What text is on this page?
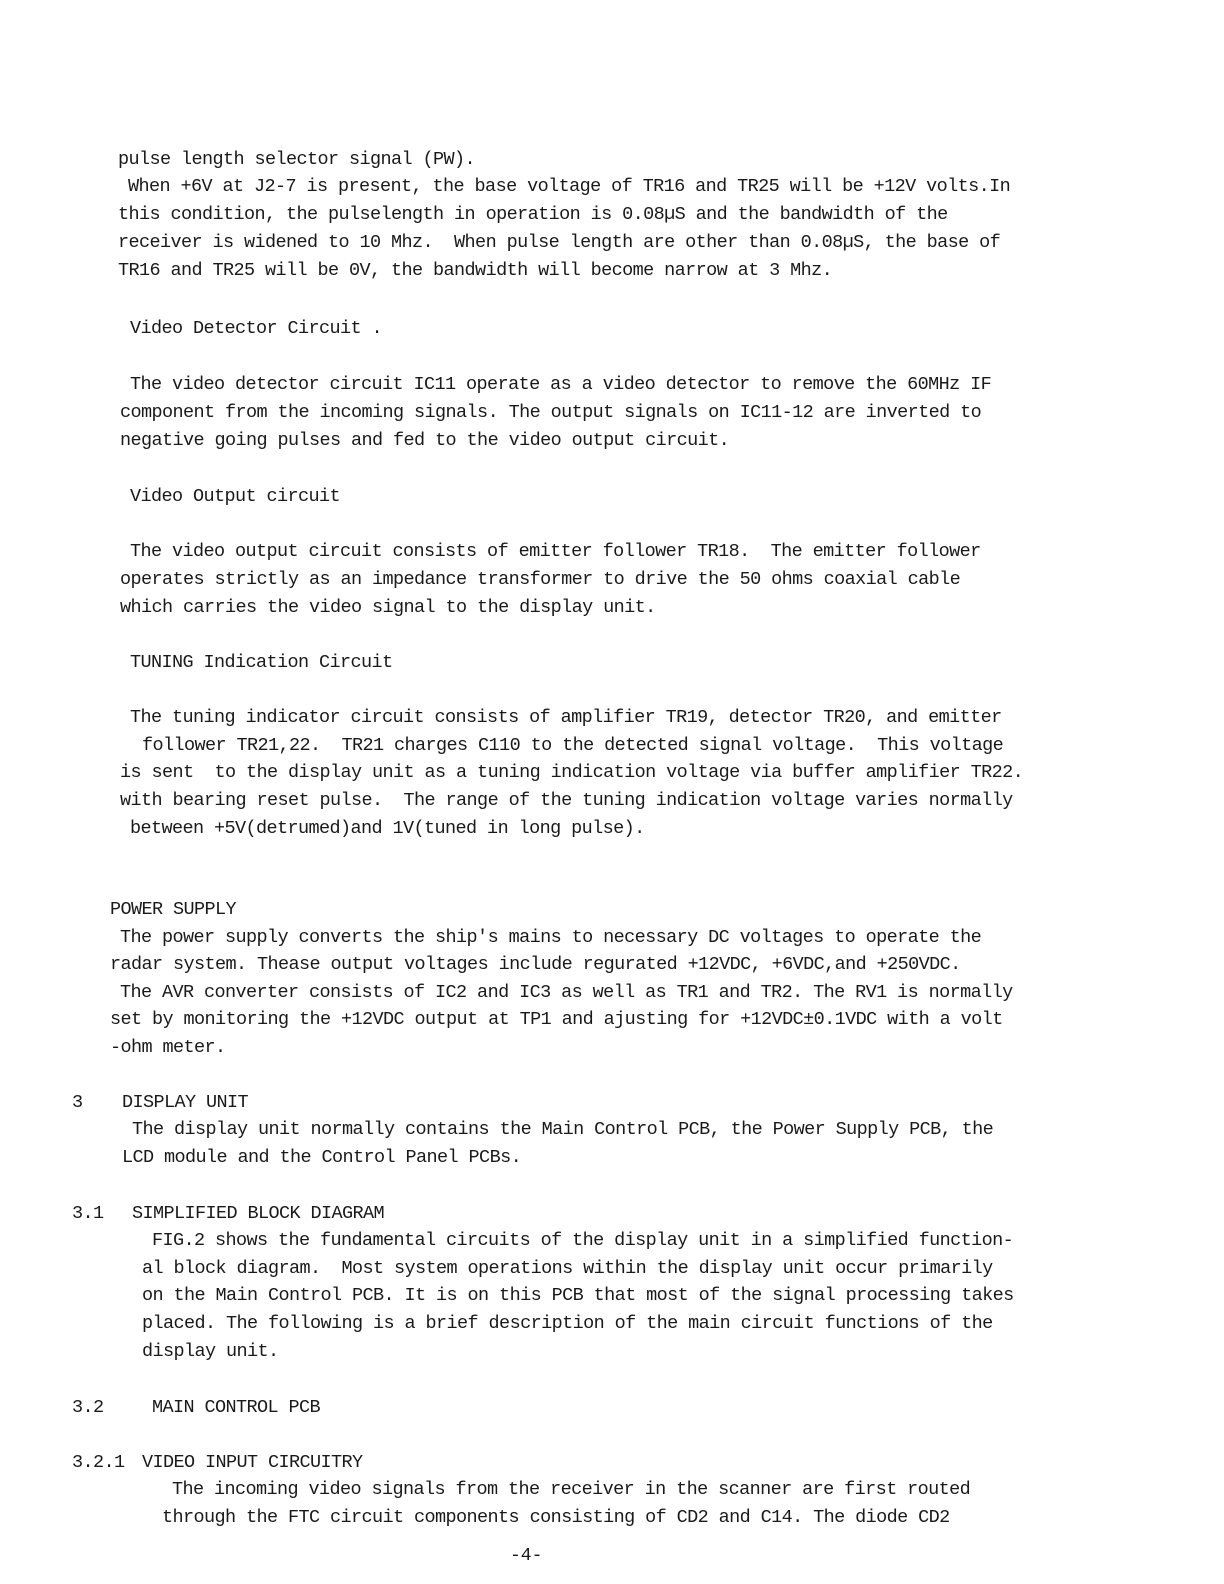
pulse length selector signal (PW).
When +6V at J2-7 is present, the base voltage of TR16 and TR25 will be +12V volts.In
this condition, the pulselength in operation is 0.08µS and the bandwidth of the
receiver is widened to 10 Mhz.  When pulse length are other than 0.08µS, the base of
TR16 and TR25 will be 0V, the bandwidth will become narrow at 3 Mhz.
Video Detector Circuit .
The video detector circuit IC11 operate as a video detector to remove the 60MHz IF
component from the incoming signals. The output signals on IC11-12 are inverted to
negative going pulses and fed to the video output circuit.
Video Output circuit
The video output circuit consists of emitter follower TR18.  The emitter follower
operates strictly as an impedance transformer to drive the 50 ohms coaxial cable
which carries the video signal to the display unit.
TUNING Indication Circuit
The tuning indicator circuit consists of amplifier TR19, detector TR20, and emitter
follower TR21,22.  TR21 charges C110 to the detected signal voltage.  This voltage
is sent  to the display unit as a tuning indication voltage via buffer amplifier TR22.
with bearing reset pulse.  The range of the tuning indication voltage varies normally
between +5V(detrumed)and 1V(tuned in long pulse).
POWER SUPPLY
The power supply converts the ship's mains to necessary DC voltages to operate the
radar system. Thease output voltages include regurated +12VDC, +6VDC,and +250VDC.
The AVR converter consists of IC2 and IC3 as well as TR1 and TR2. The RV1 is normally
set by monitoring the +12VDC output at TP1 and ajusting for +12VDC±0.1VDC with a volt
-ohm meter.
3 DISPLAY UNIT
The display unit normally contains the Main Control PCB, the Power Supply PCB, the
LCD module and the Control Panel PCBs.
3.1 SIMPLIFIED BLOCK DIAGRAM
FIG.2 shows the fundamental circuits of the display unit in a simplified function-
al block diagram.  Most system operations within the display unit occur primarily
on the Main Control PCB. It is on this PCB that most of the signal processing takes
placed. The following is a brief description of the main circuit functions of the
display unit.
3.2	MAIN CONTROL PCB
3.2.1 VIDEO INPUT CIRCUITRY
The incoming video signals from the receiver in the scanner are first routed
through the FTC circuit components consisting of CD2 and C14. The diode CD2
-4-
